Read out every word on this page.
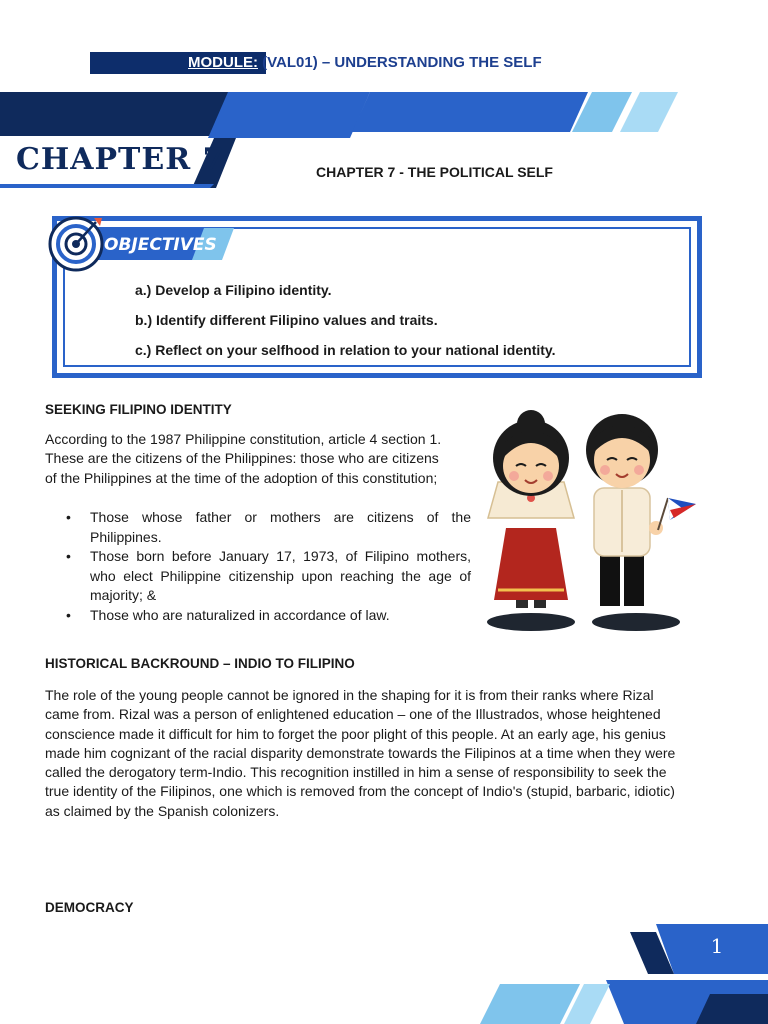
MODULE: (VAL01) – UNDERSTANDING THE SELF
CHAPTER 7	CHAPTER 7 - THE POLITICAL SELF
OBJECTIVES
a.) Develop a Filipino identity.
b.) Identify different Filipino values and traits.
c.) Reflect on your selfhood in relation to your national identity.
SEEKING FILIPINO IDENTITY
According to the 1987 Philippine constitution, article 4 section 1.
These are the citizens of the Philippines: those who are citizens
of the Philippines at the time of the adoption of this constitution;
• Those whose father or mothers are citizens of the Philippines.
• Those born before January 17, 1973, of Filipino mothers, who elect Philippine citizenship upon reaching the age of majority; &
• Those who are naturalized in accordance of law.
HISTORICAL BACKROUND – INDIO TO FILIPINO
The role of the young people cannot be ignored in the shaping for it is from their ranks where Rizal
came from. Rizal was a person of enlightened education – one of the Illustrados, whose heightened
conscience made it difficult for him to forget the poor plight of this people. At an early age, his genius
made him cognizant of the racial disparity demonstrate towards the Filipinos at a time when they were
called the derogatory term-Indio. This recognition instilled in him a sense of responsibility to seek the
true identity of the Filipinos, one which is removed from the concept of Indio's (stupid, barbaric, idiotic)
as claimed by the Spanish colonizers.
DEMOCRACY
1
